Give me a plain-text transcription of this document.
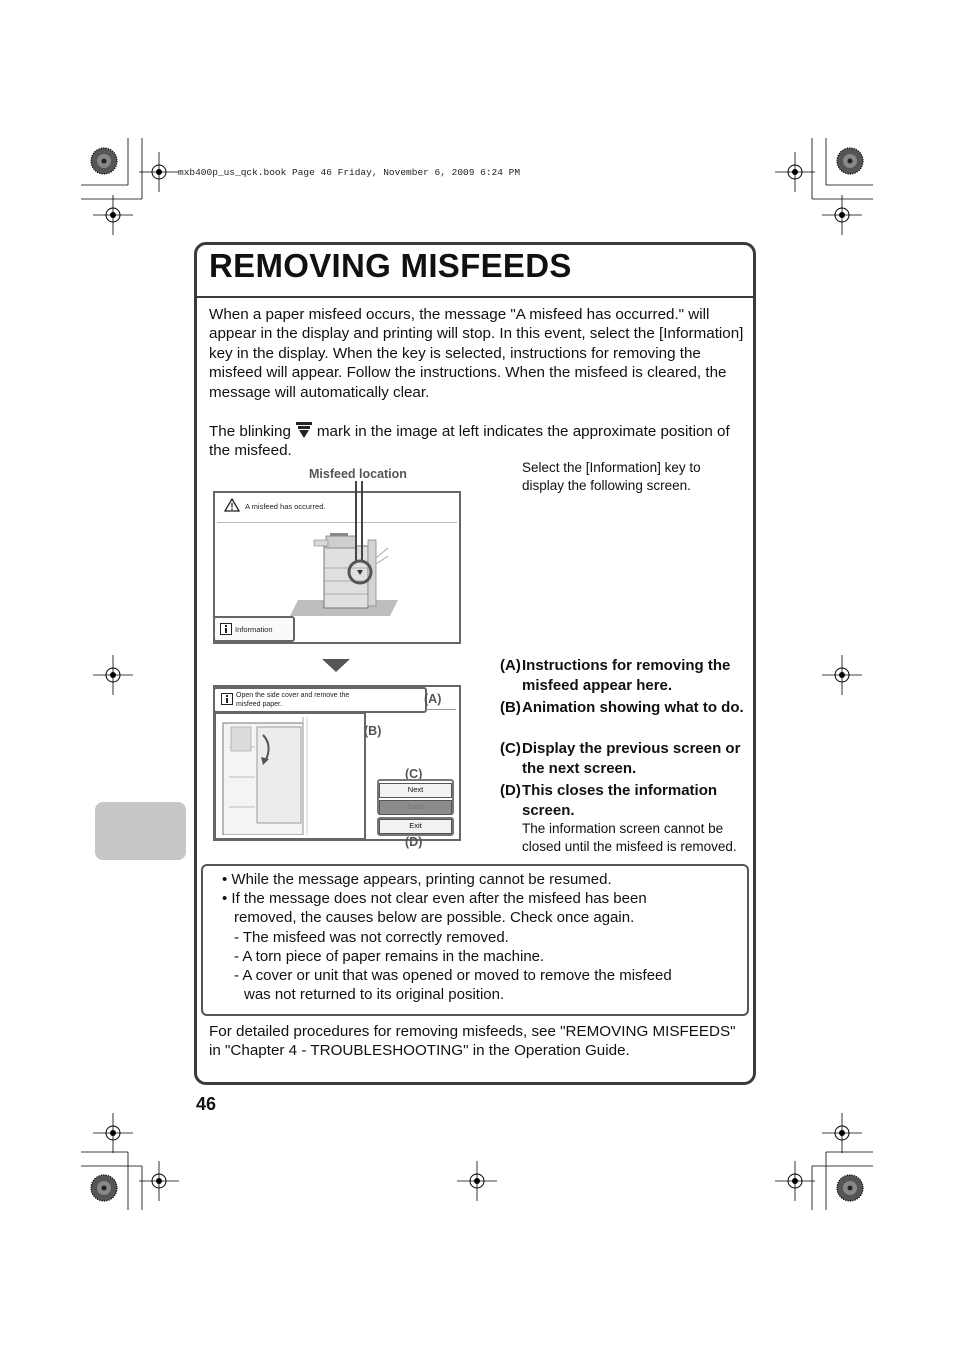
mxb400p_us_qck.book Page 46 Friday, November 6, 2009 6:24 PM
REMOVING MISFEEDS
When a paper misfeed occurs, the message "A misfeed has occurred." will appear in the display and printing will stop. In this event, select the [Information] key in the display. When the key is selected, instructions for removing the misfeed will appear. Follow the instructions. When the misfeed is cleared, the message will automatically clear.
The blinking mark in the image at left indicates the approximate position of the misfeed.
Misfeed location	Select the [Information] key to display the following screen.
A misfeed has occurred.
Information
Open the side cover and remove the misfeed paper.	(A)
(B)
(C)
Next
Back
Exit
(D)
(A) Instructions for removing the misfeed appear here.
(B) Animation showing what to do.
(C) Display the previous screen or the next screen.
(D) This closes the information screen.
The information screen cannot be closed until the misfeed is removed.
• While the message appears, printing cannot be resumed.
• If the message does not clear even after the misfeed has been
removed, the causes below are possible. Check once again.
- The misfeed was not correctly removed.
- A torn piece of paper remains in the machine.
- A cover or unit that was opened or moved to remove the misfeed
was not returned to its original position.
For detailed procedures for removing misfeeds, see "REMOVING MISFEEDS" in "Chapter 4 - TROUBLESHOOTING" in the Operation Guide.
46
